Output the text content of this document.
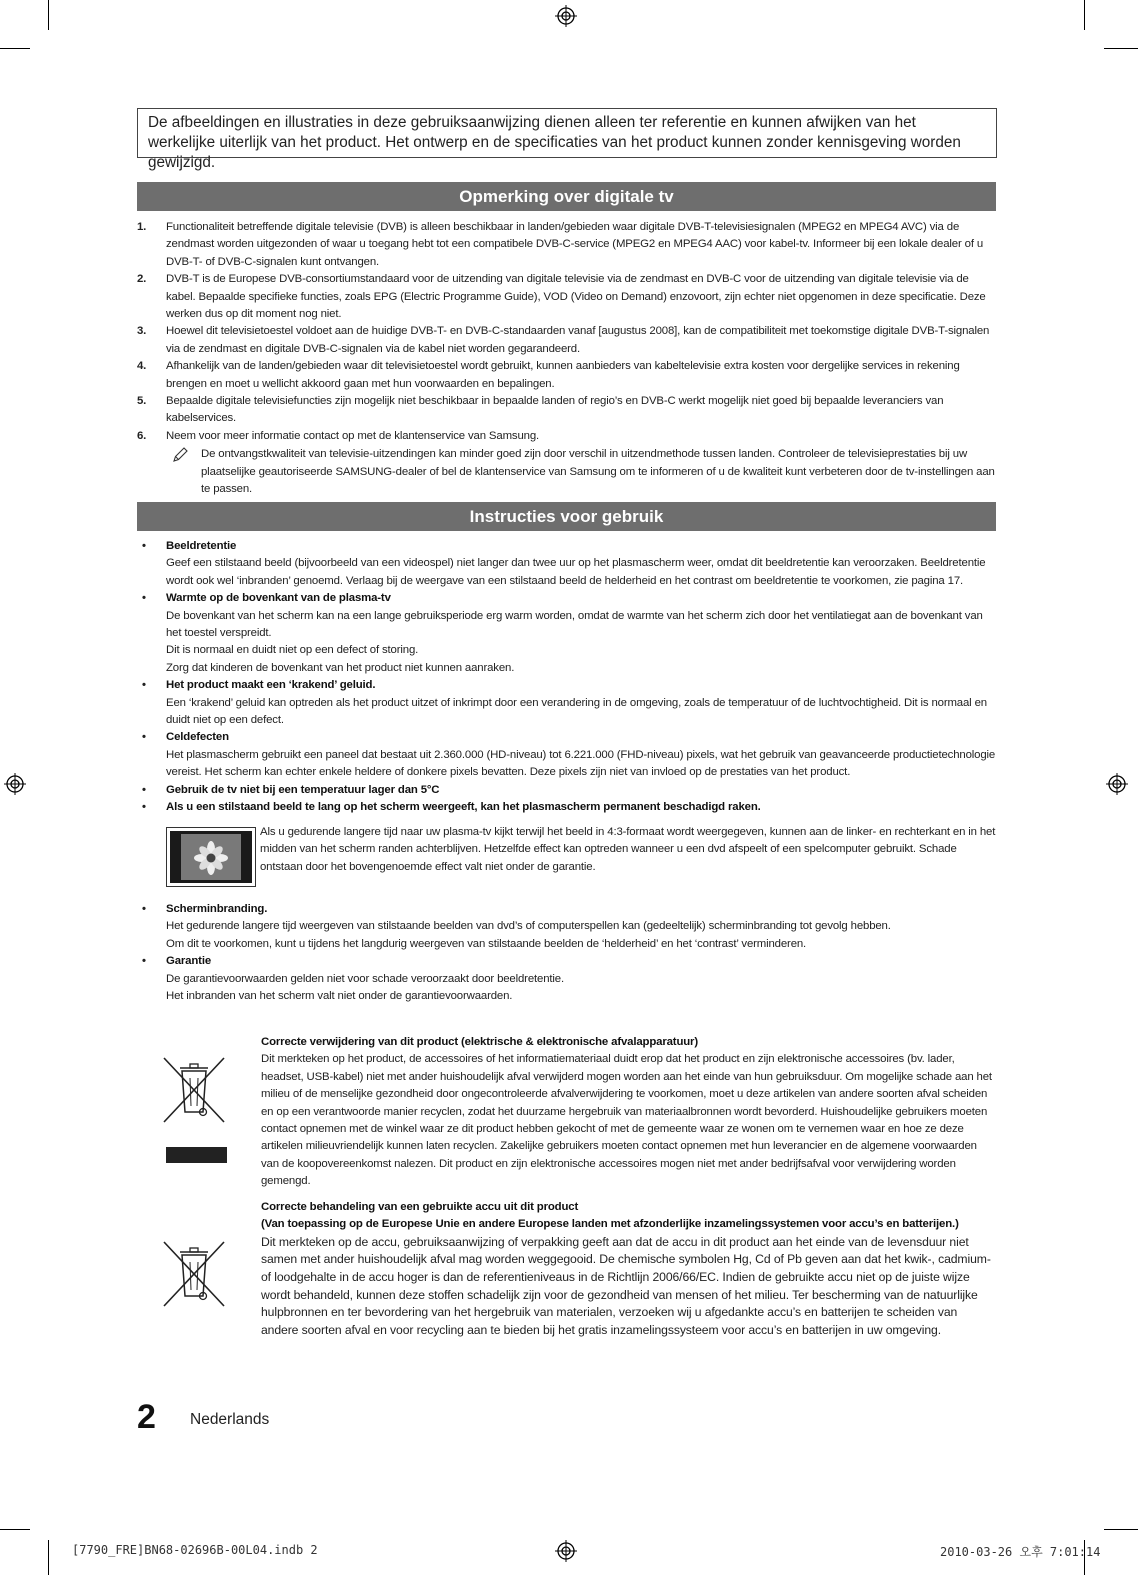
De afbeeldingen en illustraties in deze gebruiksaanwijzing dienen alleen ter referentie en kunnen afwijken van het werkelijke uiterlijk van het product. Het ontwerp en de specificaties van het product kunnen zonder kennisgeving worden gewijzigd.
Opmerking over digitale tv
1. Functionaliteit betreffende digitale televisie (DVB) is alleen beschikbaar in landen/gebieden waar digitale DVB-T-televisiesignalen (MPEG2 en MPEG4 AVC) via de zendmast worden uitgezonden of waar u toegang hebt tot een compatibele DVB-C-service (MPEG2 en MPEG4 AAC) voor kabel-tv. Informeer bij een lokale dealer of u DVB-T- of DVB-C-signalen kunt ontvangen.
2. DVB-T is de Europese DVB-consortiumstandaard voor de uitzending van digitale televisie via de zendmast en DVB-C voor de uitzending van digitale televisie via de kabel. Bepaalde specifieke functies, zoals EPG (Electric Programme Guide), VOD (Video on Demand) enzovoort, zijn echter niet opgenomen in deze specificatie. Deze werken dus op dit moment nog niet.
3. Hoewel dit televisietoestel voldoet aan de huidige DVB-T- en DVB-C-standaarden vanaf [augustus 2008], kan de compatibiliteit met toekomstige digitale DVB-T-signalen via de zendmast en digitale DVB-C-signalen via de kabel niet worden gegarandeerd.
4. Afhankelijk van de landen/gebieden waar dit televisietoestel wordt gebruikt, kunnen aanbieders van kabeltelevisie extra kosten voor dergelijke services in rekening brengen en moet u wellicht akkoord gaan met hun voorwaarden en bepalingen.
5. Bepaalde digitale televisiefuncties zijn mogelijk niet beschikbaar in bepaalde landen of regio’s en DVB-C werkt mogelijk niet goed bij bepaalde leveranciers van kabelservices.
6. Neem voor meer informatie contact op met de klantenservice van Samsung.
De ontvangstkwaliteit van televisie-uitzendingen kan minder goed zijn door verschil in uitzendmethode tussen landen. Controleer de televisieprestaties bij uw plaatselijke geautoriseerde SAMSUNG-dealer of bel de klantenservice van Samsung om te informeren of u de kwaliteit kunt verbeteren door de tv-instellingen aan te passen.
Instructies voor gebruik
• Beeldretentie
Geef een stilstaand beeld (bijvoorbeeld van een videospel) niet langer dan twee uur op het plasmascherm weer, omdat dit beeldretentie kan veroorzaken. Beeldretentie wordt ook wel ‘inbranden’ genoemd. Verlaag bij de weergave van een stilstaand beeld de helderheid en het contrast om beeldretentie te voorkomen, zie pagina 17.
• Warmte op de bovenkant van de plasma-tv
De bovenkant van het scherm kan na een lange gebruiksperiode erg warm worden, omdat de warmte van het scherm zich door het ventilatiegat aan de bovenkant van het toestel verspreidt.
Dit is normaal en duidt niet op een defect of storing.
Zorg dat kinderen de bovenkant van het product niet kunnen aanraken.
• Het product maakt een ‘krakend’ geluid.
Een ‘krakend’ geluid kan optreden als het product uitzet of inkrimpt door een verandering in de omgeving, zoals de temperatuur of de luchtvochtigheid. Dit is normaal en duidt niet op een defect.
• Celdefecten
Het plasmascherm gebruikt een paneel dat bestaat uit 2.360.000 (HD-niveau) tot 6.221.000 (FHD-niveau) pixels, wat het gebruik van geavanceerde productietechnologie vereist. Het scherm kan echter enkele heldere of donkere pixels bevatten. Deze pixels zijn niet van invloed op de prestaties van het product.
• Gebruik de tv niet bij een temperatuur lager dan 5°C
• Als u een stilstaand beeld te lang op het scherm weergeeft, kan het plasmascherm permanent beschadigd raken.
Als u gedurende langere tijd naar uw plasma-tv kijkt terwijl het beeld in 4:3-formaat wordt weergegeven, kunnen aan de linker- en rechterkant en in het midden van het scherm randen achterblijven. Hetzelfde effect kan optreden wanneer u een dvd afspeelt of een spelcomputer gebruikt. Schade ontstaan door het bovengenoemde effect valt niet onder de garantie.
• Scherminbranding.
Het gedurende langere tijd weergeven van stilstaande beelden van dvd’s of computerspellen kan (gedeeltelijk) scherminbranding tot gevolg hebben.
Om dit te voorkomen, kunt u tijdens het langdurig weergeven van stilstaande beelden de ‘helderheid’ en het ‘contrast’ verminderen.
• Garantie
De garantievoorwaarden gelden niet voor schade veroorzaakt door beeldretentie.
Het inbranden van het scherm valt niet onder de garantievoorwaarden.
Correcte verwijdering van dit product (elektrische & elektronische afvalapparatuur)
Dit merkteken op het product, de accessoires of het informatiemateriaal duidt erop dat het product en zijn elektronische accessoires (bv. lader, headset, USB-kabel) niet met ander huishoudelijk afval verwijderd mogen worden aan het einde van hun gebruiksduur. Om mogelijke schade aan het milieu of de menselijke gezondheid door ongecontroleerde afvalverwijdering te voorkomen, moet u deze artikelen van andere soorten afval scheiden en op een verantwoorde manier recyclen, zodat het duurzame hergebruik van materiaalbronnen wordt bevorderd. Huishoudelijke gebruikers moeten contact opnemen met de winkel waar ze dit product hebben gekocht of met de gemeente waar ze wonen om te vernemen waar en hoe ze deze artikelen milieuvriendelijk kunnen laten recyclen. Zakelijke gebruikers moeten contact opnemen met hun leverancier en de algemene voorwaarden van de koopovereenkomst nalezen. Dit product en zijn elektronische accessoires mogen niet met ander bedrijfsafval voor verwijdering worden gemengd.
Correcte behandeling van een gebruikte accu uit dit product
(Van toepassing op de Europese Unie en andere Europese landen met afzonderlijke inzamelingssystemen voor accu’s en batterijen.)
Dit merkteken op de accu, gebruiksaanwijzing of verpakking geeft aan dat de accu in dit product aan het einde van de levensduur niet samen met ander huishoudelijk afval mag worden weggegooid. De chemische symbolen Hg, Cd of Pb geven aan dat het kwik-, cadmium- of loodgehalte in de accu hoger is dan de referentieniveaus in de Richtlijn 2006/66/EC. Indien de gebruikte accu niet op de juiste wijze wordt behandeld, kunnen deze stoffen schadelijk zijn voor de gezondheid van mensen of het milieu. Ter bescherming van de natuurlijke hulpbronnen en ter bevordering van het hergebruik van materialen, verzoeken wij u afgedankte accu’s en batterijen te scheiden van andere soorten afval en voor recycling aan te bieden bij het gratis inzamelingssysteem voor accu’s en batterijen in uw omgeving.
2 Nederlands
[7790_FRE]BN68-02696B-00L04.indb 2	2010-03-26 오후 7:01:14
